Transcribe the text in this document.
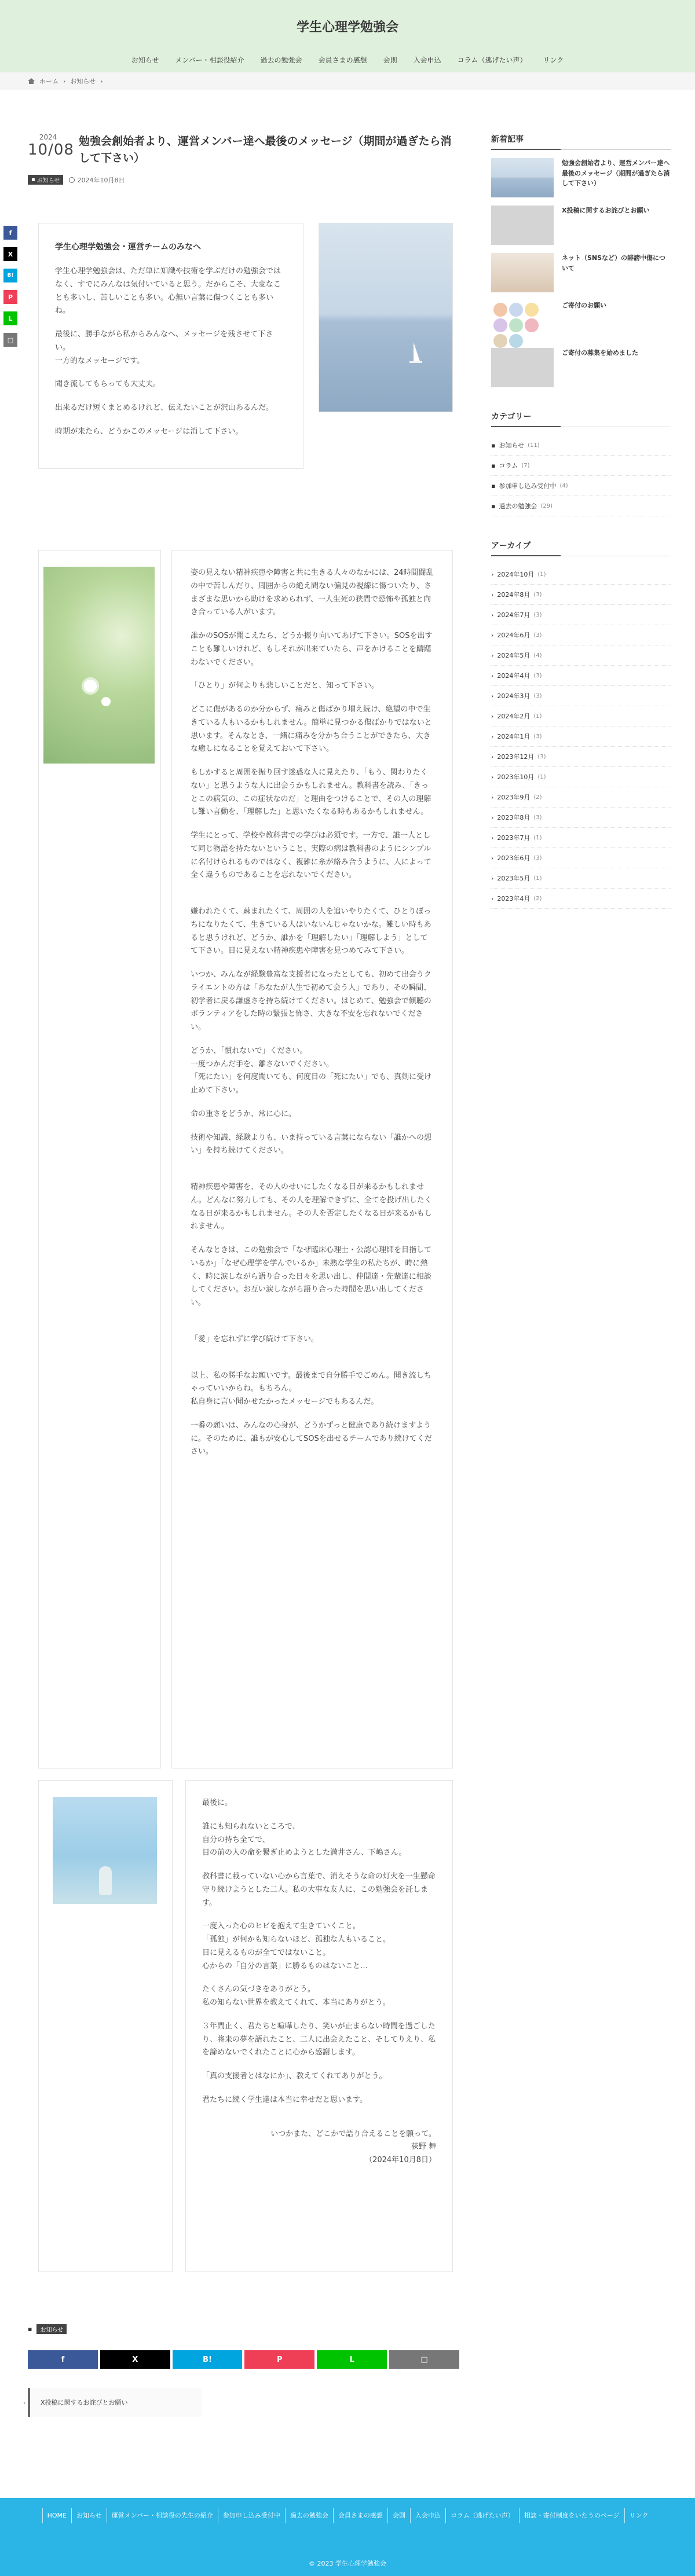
学生心理学勉強会
お知らせ	メンバー・相談役紹介	過去の勉強会	会員さまの感想	会則	入会申込	コラム（逃げたい声）	リンク
ホーム › お知らせ ›
f
X
B!
P
L
□
2024
10/08 勉強会創始者より、運営メンバー達へ最後のメッセージ（期間が過ぎたら消して下さい）
▪ お知らせ	2024年10月8日
学生心理学勉強会・運営チームのみなへ

学生心理学勉強会は、ただ単に知識や技術を学ぶだけの勉強会ではなく、すでにみんなは気付いていると思う。だからこそ、大変なことも多いし、苦しいことも多い。心無い言葉に傷つくことも多いね。

最後に、勝手ながら私からみんなへ、メッセージを残させて下さい。
一方的なメッセージです。

聞き流してもらっても大丈夫。

出来るだけ短くまとめるけれど、伝えたいことが沢山あるんだ。

時期が来たら、どうかこのメッセージは消して下さい。

姿の見えない精神疾患や障害と共に生きる人々のなかには、24時間闘乱の中で苦しんだり、周囲からの絶え間ない偏見の視線に傷ついたり、さまざまな思いから助けを求められず、一人生死の狭間で恐怖や孤独と向き合っている人がいます。

誰かのSOSが聞こえたら、どうか振り向いてあげて下さい。SOSを出すことも難しいけれど、もしそれが出来ていたら、声をかけることを躊躇わないでください。

「ひとり」が何よりも悲しいことだと、知って下さい。

どこに傷があるのか分からず、痛みと傷ばかり増え続け、絶望の中で生きている人もいるかもしれません。簡単に見つかる傷ばかりではないと思います。そんなとき、一緒に痛みを分かち合うことができたら、大きな癒しになることを覚えておいて下さい。

もしかすると周囲を振り回す迷惑な人に見えたり、「もう、関わりたくない」と思うような人に出会うかもしれません。教科書を読み、「きっとこの病気の、この症状なのだ」と理由をつけることで、その人の理解し難い言動を、「理解した」と思いたくなる時もあるかもしれません。

学生にとって、学校や教科書での学びは必須です。一方で、誰一人として同じ物語を持たないということ、実際の病は教科書のようにシンプルに名付けられるものではなく、複雑に糸が絡み合うように、人によって全く違うものであることを忘れないでください。

嫌われたくて、疎まれたくて、周囲の人を追いやりたくて、ひとりぼっちになりたくて、生きている人はいないんじゃないかな。難しい時もあると思うけれど、どうか、誰かを「理解したい」「理解しよう」としてて下さい。目に見えない精神疾患や障害を見つめてみて下さい。

いつか、みんなが経験豊富な支援者になったとしても、初めて出会うクライエントの方は「あなたが人生で初めて会う人」であり、その瞬間、初学者に戻る謙虚さを持ち続けてください。はじめて、勉強会で傾聴のボランティアをした時の緊張と怖さ、大きな不安を忘れないでください。

どうか、「慣れないで」ください。
一度つかんだ手を、離さないでください。
「死にたい」を何度聞いても、何度目の「死にたい」でも、真剣に受け止めて下さい。

命の重さをどうか、常に心に。

技術や知識、経験よりも、いま持っている言葉にならない「誰かへの想い」を持ち続けてください。

精神疾患や障害を、その人のせいにしたくなる日が来るかもしれません。どんなに努力しても、その人を理解できずに、全てを投げ出したくなる日が来るかもしれません。その人を否定したくなる日が来るかもしれません。

そんなときは、この勉強会で「なぜ臨床心理士・公認心理師を目指しているか」「なぜ心理学を学んでいるか」未熟な学生の私たちが、時に熱く、時に涙しながら語り合った日々を思い出し、仲間達・先輩達に相談してください。お互い涙しながら語り合った時間を思い出してください。

「愛」を忘れずに学び続けて下さい。

以上、私の勝手なお願いです。最後まで自分勝手でごめん。聞き流しちゃっていいからね。もちろん。
私自身に言い聞かせたかったメッセージでもあるんだ。

一番の願いは、みんなの心身が、どうかずっと健康であり続けますように。そのために、誰もが安心してSOSを出せるチームであり続けてください。

最後に。

誰にも知られないところで、
自分の持ち全てで、
目の前の人の命を繋ぎ止めようとした満井さん、下嶋さん。

教科書に載っていない心から言葉で、消えそうな命の灯火を一生懸命守り続けようとした二人。私の大事な友人に、この勉強会を託します。

一度入った心のヒビを抱えて生きていくこと。
「孤独」が何かも知らないほど、孤独な人もいること。
目に見えるものが全てではないこと。
心からの「自分の言葉」に勝るものはないこと…

たくさんの気づきをありがとう。
私の知らない世界を教えてくれて、本当にありがとう。

３年間止く、君たちと喧嘩したり、笑いが止まらない時間を過ごしたり、将来の夢を語れたこと、二人に出会えたこと、そしてりえり、私を諦めないでくれたことに心から感謝します。

「真の支援者とはなにか」、教えてくれてありがとう。

君たちに続く学生達は本当に幸せだと思います。

いつかまた、どこかで語り合えることを願って。
荻野 舞
（2024年10月8日）
▪	お知らせ
f	X	B!	P	L	□
‹ X投稿に関するお詫びとお願い
新着記事
勉強会創始者より、運営メンバー達へ最後のメッセージ（期間が過ぎたら消して下さい）
X投稿に関するお詫びとお願い
ネット（SNSなど）の誹謗中傷について
ご寄付のお願い
ご寄付の募集を始めました
カテゴリー
▪ お知らせ (11)
▪ コラム (7)
▪ 参加申し込み受付中 (4)
▪ 過去の勉強会 (29)
アーカイブ
› 2024年10月 (1)
› 2024年8月 (3)
› 2024年7月 (3)
› 2024年6月 (3)
› 2024年5月 (4)
› 2024年4月 (3)
› 2024年3月 (3)
› 2024年2月 (1)
› 2024年1月 (3)
› 2023年12月 (3)
› 2023年10月 (1)
› 2023年9月 (2)
› 2023年8月 (3)
› 2023年7月 (1)
› 2023年6月 (3)
› 2023年5月 (1)
› 2023年4月 (2)
HOME	お知らせ	運営メンバー・相談役の先生の紹介	参加申し込み受付中	過去の勉強会	会員さまの感想	会則	入会申込	コラム（逃げたい声）	相談・寄付制度をいたうのページ	リンク
© 2023 学生心理学勉強会
